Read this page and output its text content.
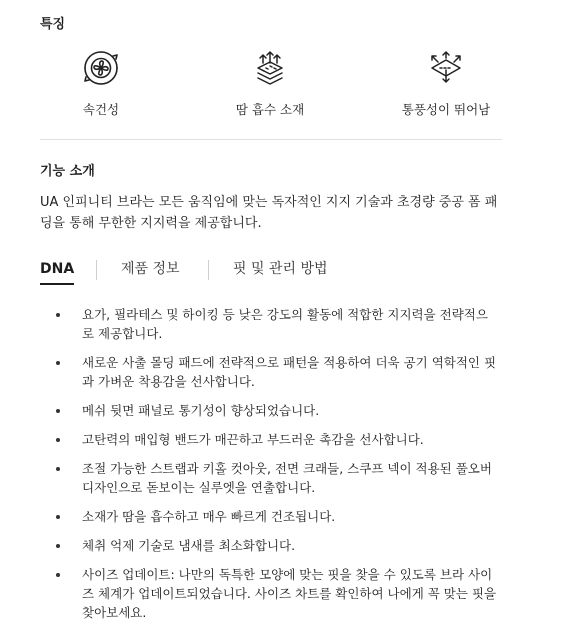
특징
속건성	땀 흡수 소재	통풍성이 뛰어남
기능 소개
UA 인피니티 브라는 모든 움직임에 맞는 독자적인 지지 기술과 초경량 중공 폼 패딩을 통해 무한한 지지력을 제공합니다.
DNA	제품 정보	핏 및 관리 방법
요가, 필라테스 및 하이킹 등 낮은 강도의 활동에 적합한 지지력을 전략적으로 제공합니다.
새로운 사출 몰딩 패드에 전략적으로 패턴을 적용하여 더욱 공기 역학적인 핏과 가벼운 착용감을 선사합니다.
메쉬 뒷면 패널로 통기성이 향상되었습니다.
고탄력의 매입형 밴드가 매끈하고 부드러운 촉감을 선사합니다.
조절 가능한 스트랩과 키홀 컷아웃, 전면 크래들, 스쿠프 넥이 적용된 풀오버 디자인으로 돋보이는 실루엣을 연출합니다.
소재가 땀을 흡수하고 매우 빠르게 건조됩니다.
체취 억제 기술로 냄새를 최소화합니다.
사이즈 업데이트: 나만의 독특한 모양에 맞는 핏을 찾을 수 있도록 브라 사이즈 체계가 업데이트되었습니다. 사이즈 차트를 확인하여 나에게 꼭 맞는 핏을 찾아보세요.
